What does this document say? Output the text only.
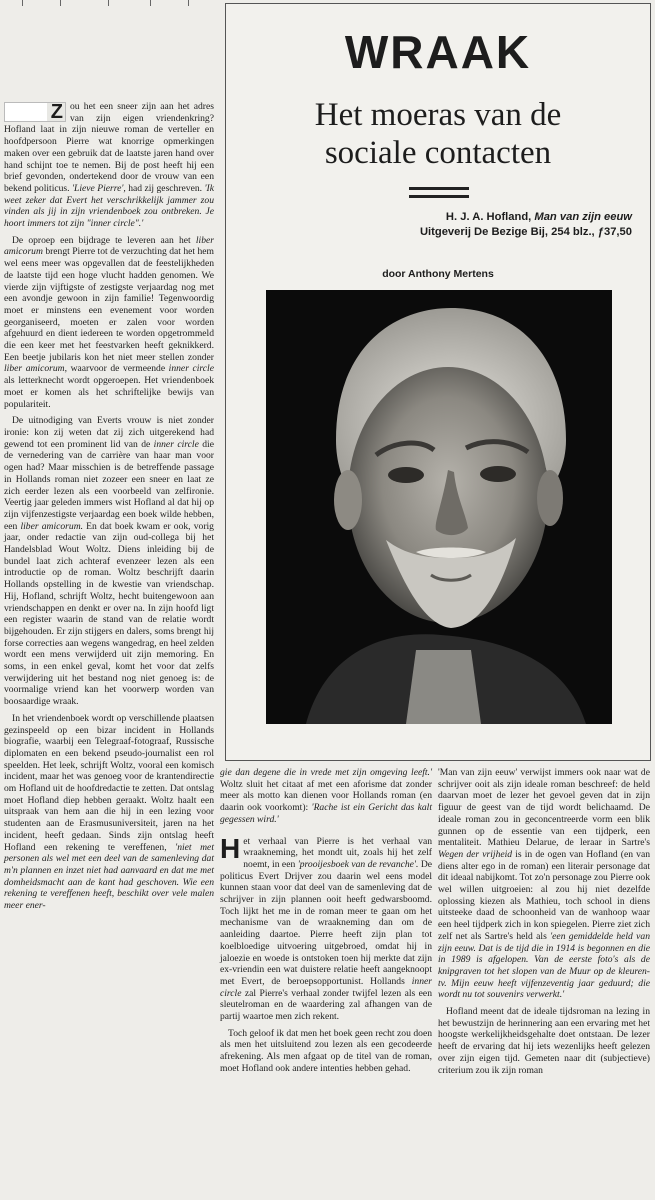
Zou het een sneer zijn aan het adres van zijn eigen vriendenkring? Hofland laat in zijn nieuwe roman de verteller en hoofdpersoon Pierre wat knorrige opmerkingen maken over een gebruik dat de laatste jaren hand over hand schijnt toe te nemen. Bij de post heeft hij een brief gevonden, ondertekend door de vrouw van een bekend politicus. 'Lieve Pierre', had zij geschreven. 'Ik weet zeker dat Evert het verschrikkelijk jammer zou vinden als jij in zijn vriendenboek zou ontbreken. Je hoort immers tot zijn "inner circle".'

De oproep een bijdrage te leveren aan het liber amicorum brengt Pierre tot de verzuchting dat het hem wel eens meer was opgevallen dat de feestelijkheden de laatste tijd een hoge vlucht hadden genomen. We vierde zijn vijftigste of zestigste verjaardag nog met een avondje gewoon in zijn familie! Tegenwoordig moet er minstens een evenement voor worden georganiseerd, moeten er zalen voor worden afgehuurd en dient iedereen te worden opgetrommeld die een keer met het feestvarken heeft geknikkerd. Een beetje jubilaris kon het niet meer stellen zonder liber amicorum, waarvoor de vermeende inner circle als letterknecht wordt opgeroepen. Het vriendenboek moet er komen als het schriftelijke bewijs van populariteit.

De uitnodiging van Everts vrouw is niet zonder ironie: kon zij weten dat zij zich uitgerekend had gewend tot een prominent lid van de inner circle die de vernedering van de carrière van haar man voor ogen had? Maar misschien is de betreffende passage in Hollands roman niet zozeer een sneer en laat ze zich eerder lezen als een voorbeeld van zelfironie. Veertig jaar geleden immers wist Hofland al dat hij op zijn vijfenzestigste verjaardag een boek wilde hebben, een liber amicorum. En dat boek kwam er ook, vorig jaar, onder redactie van zijn oud-collega bij het Handelsblad Wout Woltz. Diens inleiding bij de bundel laat zich achteraf evenzeer lezen als een introductie op de roman. Woltz beschrijft daarin Hollands opstelling in de kwestie van vriendschap. Hij, Hofland, schrijft Woltz, hecht buitengewoon aan vriendschappen en denkt er over na. In zijn hoofd ligt een register waarin de stand van de relatie wordt bijgehouden. Er zijn stijgers en dalers, soms brengt hij forse correcties aan wegens wangedrag, en heel zelden wordt een mens verwijderd uit zijn memoring. En soms, in een enkel geval, komt het voor dat zelfs verwijdering uit het bestand nog niet genoeg is: de voormalige vriend kan het voorwerp worden van boosaardige wraak.

In het vriendenboek wordt op verschillende plaatsen gezinspeeld op een bizar incident in Hollands biografie, waarbij een Telegraaf-fotograaf, Russische diplomaten en een bekend pseudo-journalist een rol speelden. Het leek, schrijft Woltz, vooral een komisch incident, maar het was genoeg voor de krantendirectie om Hofland uit de hoofdredactie te zetten. Dat ontslag moet Hofland diep hebben geraakt. Woltz haalt een uitspraak van hem aan die hij in een lezing voor studenten aan de Erasmusuniversiteit, jaren na het incident, heeft gedaan. Sinds zijn ontslag heeft Hofland een rekening te vereffenen, 'niet met personen als wel met een deel van de samenleving dat m'n plannen en inzet niet had aanvaard en dat me met domheidsmacht aan de kant had geschoven. Wie een rekening te vereffenen heeft, beschikt over vele malen meer ener-

WRAAK
Het moeras van de
sociale contacten
H. J. A. Hofland, Man van zijn eeuw
Uitgeverij De Bezige Bij, 254 blz., ƒ37,50
door Anthony Mertens

gie dan degene die in vrede met zijn omgeving leeft.' Woltz sluit het citaat af met een aforisme dat zonder meer als motto kan dienen voor Hollands roman (en daarin ook voorkomt): 'Rache ist ein Gericht das kalt gegessen wird.'

Het verhaal van Pierre is het verhaal van wraakneming, het mondt uit, zoals hij het zelf noemt, in een 'prooijesboek van de revanche'. De politicus Evert Drijver zou daarin wel eens model kunnen staan voor dat deel van de samenleving dat de schrijver in zijn plannen ooit heeft gedwarsboomd. Toch lijkt het me in de roman meer te gaan om het mechanisme van de wraakneming dan om de aanleiding daartoe. Pierre heeft zijn plan tot koelbloedige uitvoering uitgebroed, omdat hij in jaloezie en woede is ontstoken toen hij merkte dat zijn ex-vriendin een wat duistere relatie heeft aangeknoopt met Evert, de beroepsopportunist. Hollands inner circle zal Pierre's verhaal zonder twijfel lezen als een sleutelroman en de waardering zal afhangen van de partij waartoe men zich rekent.

Toch geloof ik dat men het boek geen recht zou doen als men het uitsluitend zou lezen als een gecodeerde afrekening. Als men afgaat op de titel van de roman, moet Hofland ook andere intenties hebben gehad.

'Man van zijn eeuw' verwijst immers ook naar wat de schrijver ooit als zijn ideale roman beschreef: de held daarvan moet de lezer het gevoel geven dat in zijn figuur de geest van de tijd wordt belichaamd. De ideale roman zou in geconcentreerde vorm een blik gunnen op de essentie van een tijdperk, een mentaliteit. Mathieu Delarue, de leraar in Sartre's Wegen der vrijheid is in de ogen van Hofland (en van diens alter ego in de roman) een literair personage dat dit ideaal nabijkomt. Tot zo'n personage zou Pierre ook wel willen uitgroeien: al zou hij niet dezelfde oplossing kiezen als Mathieu, toch school in diens uitsteeke daad de schoonheid van de wanhoop waar een heel tijdperk zich in kon spiegelen. Pierre ziet zich zelf net als Sartre's held als 'een gemiddelde held van zijn eeuw. Dat is de tijd die in 1914 is begonnen en die in 1989 is afgelopen. Van de eerste foto's als de knipgraven tot het slopen van de Muur op de kleuren-tv. Mijn eeuw heeft vijfenzeventig jaar geduurd; die wordt nu tot souvenirs verwerkt.'

Hofland meent dat de ideale tijdsroman na lezing in het bewustzijn de herinnering aan een ervaring met het hoogste werkelijkheidsgehalte doet ontstaan. De lezer heeft de ervaring dat hij iets wezenlijks heeft gelezen over zijn eigen tijd. Gemeten naar dit (subjectieve) criterium zou ik zijn roman
